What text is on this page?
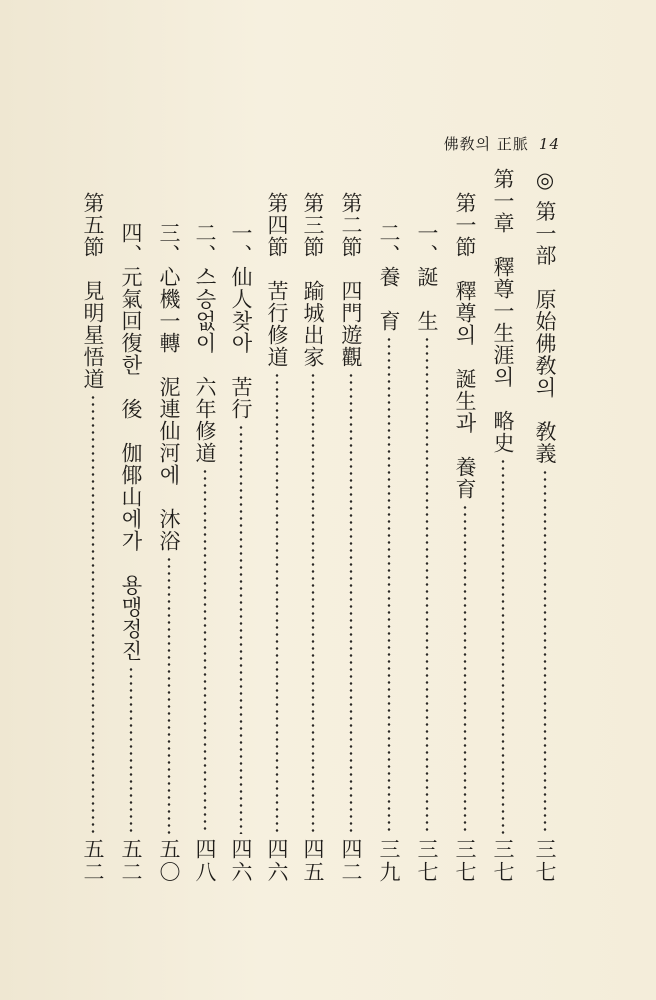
佛敎의 正脈 14
◎ 第一部　原始佛敎의　敎義
三七
第一章　釋尊一生涯의　略史
三七
第一節　釋尊의　誕生과　養育
三七
一、誕　生
三七
二、養　育
三九
第二節　四門遊觀
四二
第三節　踰城出家
四五
第四節　苦行修道
四六
一、仙人찾아　苦行
四六
二、스승없이　六年修道
四八
三、心機一轉　泥連仙河에　沐浴
五〇
四、元氣回復한　後　伽倻山에가　용맹정진
五二
第五節　見明星悟道
五二
